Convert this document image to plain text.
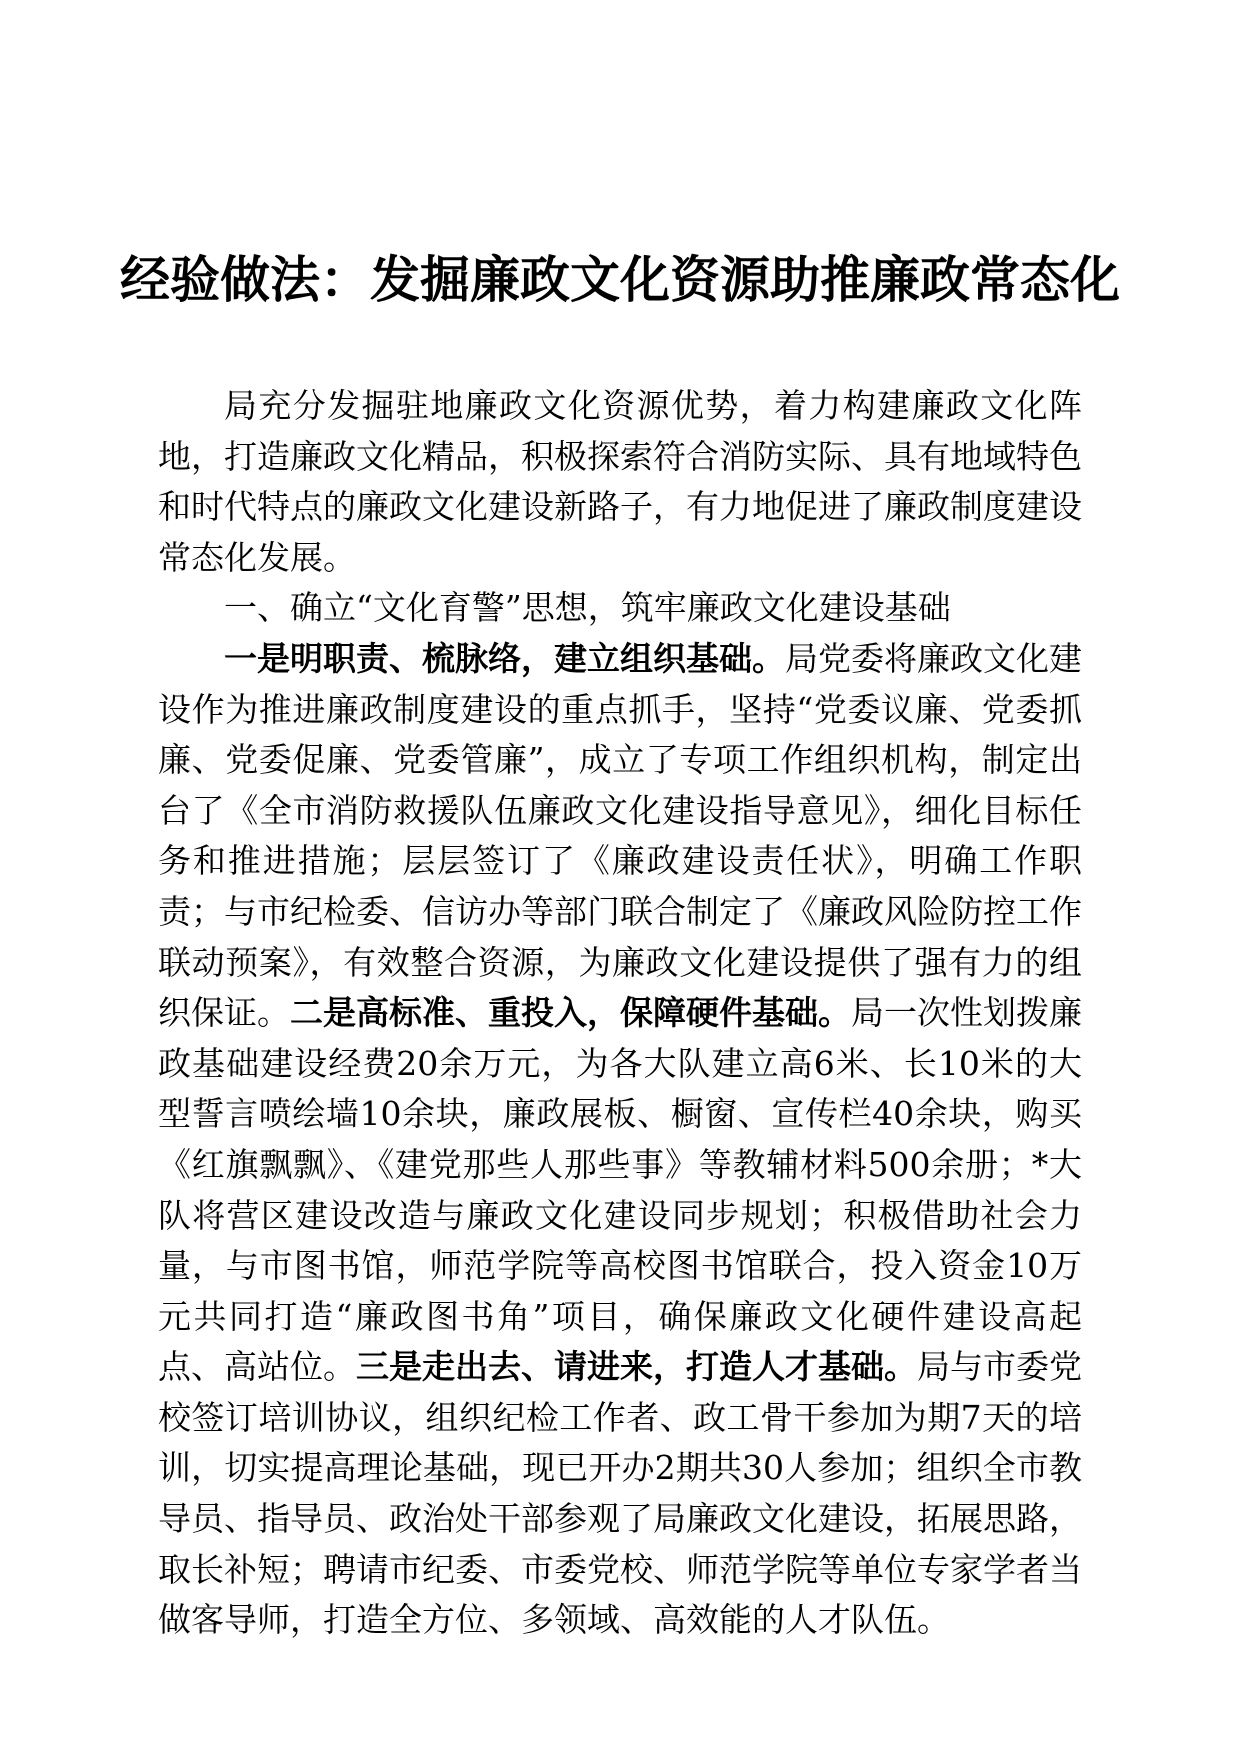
经验做法：发掘廉政文化资源助推廉政常态化

局充分发掘驻地廉政文化资源优势，着力构建廉政文化阵地，打造廉政文化精品，积极探索符合消防实际、具有地域特色和时代特点的廉政文化建设新路子，有力地促进了廉政制度建设常态化发展。

一、确立“文化育警”思想，筑牢廉政文化建设基础

一是明职责、梳脉络，建立组织基础。局党委将廉政文化建设作为推进廉政制度建设的重点抓手，坚持“党委议廉、党委抓廉、党委促廉、党委管廉”，成立了专项工作组织机构，制定出台了《全市消防救援队伍廉政文化建设指导意见》，细化目标任务和推进措施；层层签订了《廉政建设责任状》，明确工作职责；与市纪检委、信访办等部门联合制定了《廉政风险防控工作联动预案》，有效整合资源，为廉政文化建设提供了强有力的组织保证。二是高标准、重投入，保障硬件基础。局一次性划拨廉政基础建设经费20余万元，为各大队建立高6米、长10米的大型誓言喷绘墙10余块，廉政展板、橱窗、宣传栏40余块，购买《红旗飘飘》、《建党那些人那些事》等教辅材料500余册；*大队将营区建设改造与廉政文化建设同步规划；积极借助社会力量，与市图书馆，师范学院等高校图书馆联合，投入资金10万元共同打造“廉政图书角”项目，确保廉政文化硬件建设高起点、高站位。三是走出去、请进来，打造人才基础。局与市委党校签订培训协议，组织纪检工作者、政工骨干参加为期7天的培训，切实提高理论基础，现已开办2期共30人参加；组织全市教导员、指导员、政治处干部参观了局廉政文化建设，拓展思路，取长补短；聘请市纪委、市委党校、师范学院等单位专家学者当做客导师，打造全方位、多领域、高效能的人才队伍。
